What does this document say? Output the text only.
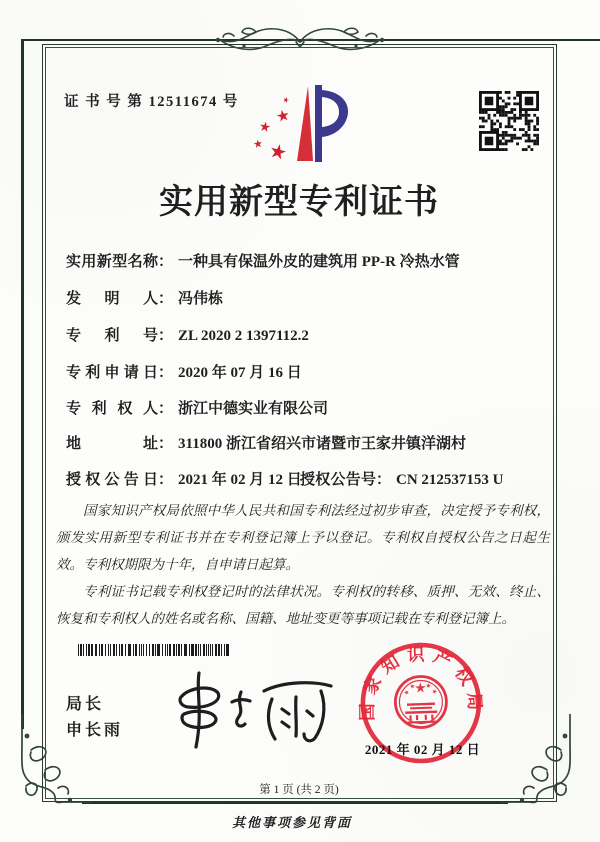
证 书 号 第 12511674 号
实用新型专利证书
实用新型名称： 一种具有保温外皮的建筑用 PP-R 冷热水管
发明人： 冯伟栋
专利号： ZL 2020 2 1397112.2
专利申请日： 2020 年 07 月 16 日
专利权人： 浙江中德实业有限公司
地址： 311800 浙江省绍兴市诸暨市王家井镇洋湖村
授权公告日： 2021 年 02 月 12 日
授权公告号： CN 212537153 U

国家知识产权局依照中华人民共和国专利法经过初步审查，决定授予专利权，颁发实用新型专利证书并在专利登记簿上予以登记。专利权自授权公告之日起生效。专利权期限为十年，自申请日起算。

专利证书记载专利权登记时的法律状况。专利权的转移、质押、无效、终止、恢复和专利权人的姓名或名称、国籍、地址变更等事项记载在专利登记簿上。

局长
申长雨
国家知识产权局
2021 年 02 月 12 日
第 1 页 (共 2 页)
其他事项参见背面
